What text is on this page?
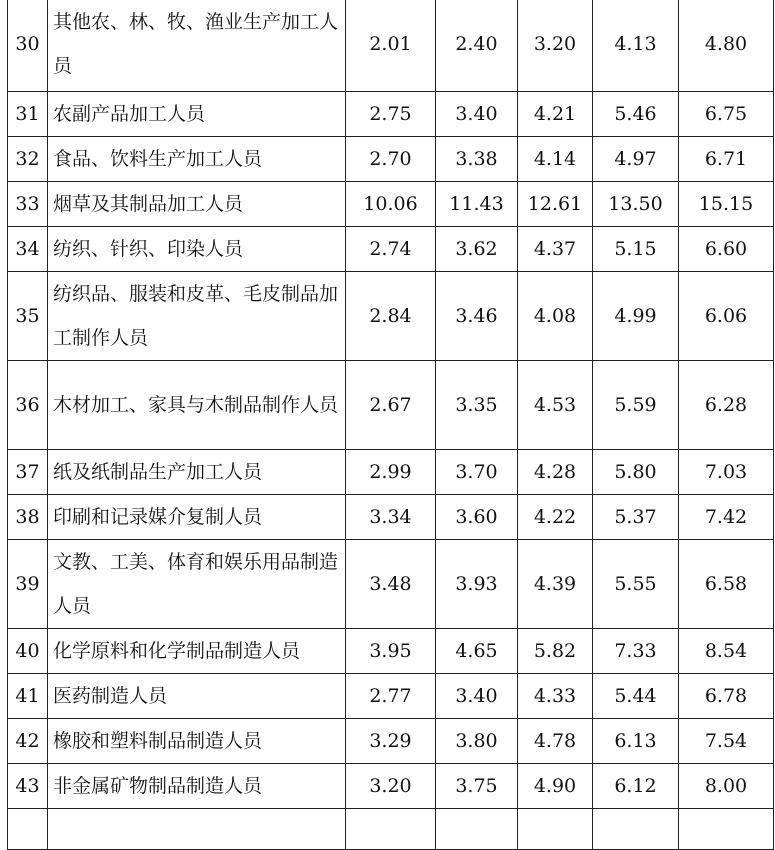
30	其他农、林、牧、渔业生产加工人员	2.01	2.40	3.20	4.13	4.80
31	农副产品加工人员	2.75	3.40	4.21	5.46	6.75
32	食品、饮料生产加工人员	2.70	3.38	4.14	4.97	6.71
33	烟草及其制品加工人员	10.06	11.43	12.61	13.50	15.15
34	纺织、针织、印染人员	2.74	3.62	4.37	5.15	6.60
35	纺织品、服装和皮革、毛皮制品加工制作人员	2.84	3.46	4.08	4.99	6.06
36	木材加工、家具与木制品制作人员	2.67	3.35	4.53	5.59	6.28
37	纸及纸制品生产加工人员	2.99	3.70	4.28	5.80	7.03
38	印刷和记录媒介复制人员	3.34	3.60	4.22	5.37	7.42
39	文教、工美、体育和娱乐用品制造人员	3.48	3.93	4.39	5.55	6.58
40	化学原料和化学制品制造人员	3.95	4.65	5.82	7.33	8.54
41	医药制造人员	2.77	3.40	4.33	5.44	6.78
42	橡胶和塑料制品制造人员	3.29	3.80	4.78	6.13	7.54
43	非金属矿物制品制造人员	3.20	3.75	4.90	6.12	8.00
